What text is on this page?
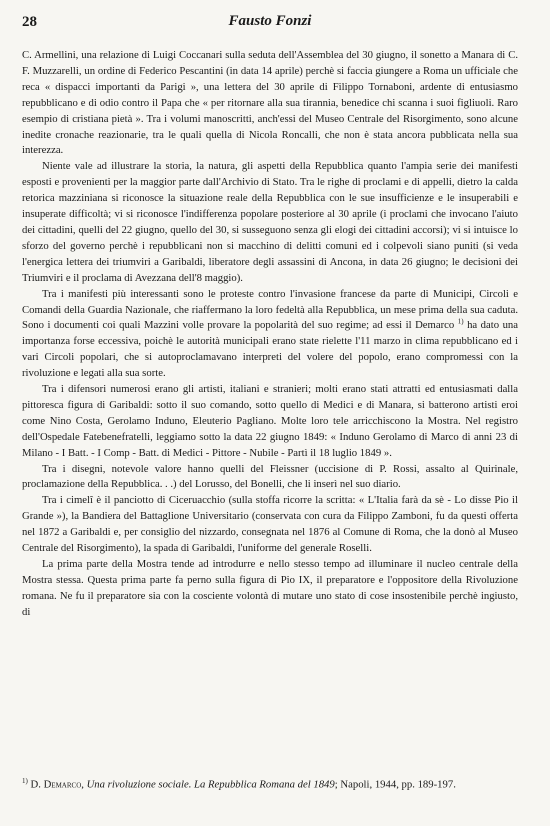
28	Fausto Fonzi

C. Armellini, una relazione di Luigi Coccanari sulla seduta dell'Assemblea del 30 giugno, il sonetto a Manara di C. F. Muzzarelli, un ordine di Federico Pescantini (in data 14 aprile) perchè si faccia giungere a Roma un ufficiale che reca « dispacci importanti da Parigi », una lettera del 30 aprile di Filippo Tornaboni, ardente di entusiasmo repubblicano e di odio contro il Papa che « per ritornare alla sua tirannia, benedice chi scanna i suoi figliuoli. Raro esempio di cristiana pietà ». Tra i volumi manoscritti, anch'essi del Museo Centrale del Risorgimento, sono alcune inedite cronache reazionarie, tra le quali quella di Nicola Roncalli, che non è stata ancora pubblicata nella sua interezza.

Niente vale ad illustrare la storia, la natura, gli aspetti della Repubblica quanto l'ampia serie dei manifesti esposti e provenienti per la maggior parte dall'Archivio di Stato. Tra le righe di proclami e di appelli, dietro la calda retorica mazziniana si riconosce la situazione reale della Repubblica con le sue insufficienze e le insuperabili e insuperate difficoltà; vi si riconosce l'indifferenza popolare posteriore al 30 aprile (i proclami che invocano l'aiuto dei cittadini, quelli del 22 giugno, quello del 30, si susseguono senza gli elogi dei cittadini accorsi); vi si intuisce lo sforzo del governo perchè i repubblicani non si macchino di delitti comuni ed i colpevoli siano puniti (si veda l'energica lettera dei triumviri a Garibaldi, liberatore degli assassini di Ancona, in data 26 giugno; le decisioni dei Triumviri e il proclama di Avezzana dell'8 maggio).

Tra i manifesti più interessanti sono le proteste contro l'invasione francese da parte di Municipi, Circoli e Comandi della Guardia Nazionale, che riaffermano la loro fedeltà alla Repubblica, un mese prima della sua caduta. Sono i documenti coi quali Mazzini volle provare la popolarità del suo regime; ad essi il Demarco $^{1)}$ ha dato una importanza forse eccessiva, poichè le autorità municipali erano state rielette l'11 marzo in clima repubblicano ed i vari Circoli popolari, che si autoproclamavano interpreti del volere del popolo, erano compromessi con la rivoluzione e legati alla sua sorte.

Tra i difensori numerosi erano gli artisti, italiani e stranieri; molti erano stati attratti ed entusiasmati dalla pittoresca figura di Garibaldi: sotto il suo comando, sotto quello di Medici e di Manara, si batterono artisti eroi come Nino Costa, Gerolamo Induno, Eleuterio Pagliano. Molte loro tele arricchiscono la Mostra. Nel registro dell'Ospedale Fatebenefratelli, leggiamo sotto la data 22 giugno 1849: « Induno Gerolamo di Marco di anni 23 di Milano - I Batt. - I Comp - Batt. di Medici - Pittore - Nubile - Partì il 18 luglio 1849 ».

Tra i disegni, notevole valore hanno quelli del Fleissner (uccisione di P. Rossi, assalto al Quirinale, proclamazione della Repubblica. . .) del Lorusso, del Bonelli, che li inserì nel suo diario.

Tra i cimelî è il panciotto di Ciceruacchio (sulla stoffa ricorre la scritta: « L'Italia farà da sè - Lo disse Pio il Grande »), la Bandiera del Battaglione Universitario (conservata con cura da Filippo Zamboni, fu da questi offerta nel 1872 a Garibaldi e, per consiglio del nizzardo, consegnata nel 1876 al Comune di Roma, che la donò al Museo Centrale del Risorgimento), la spada di Garibaldi, l'uniforme del generale Roselli.

La prima parte della Mostra tende ad introdurre e nello stesso tempo ad illuminare il nucleo centrale della Mostra stessa. Questa prima parte fa perno sulla figura di Pio IX, il preparatore e l'oppositore della Rivoluzione romana. Ne fu il preparatore sia con la cosciente volontà di mutare uno stato di cose insostenibile perchè ingiusto, di

$^{1)}$ D. Demarco, Una rivoluzione sociale. La Repubblica Romana del 1849; Napoli, 1944, pp. 189-197.
